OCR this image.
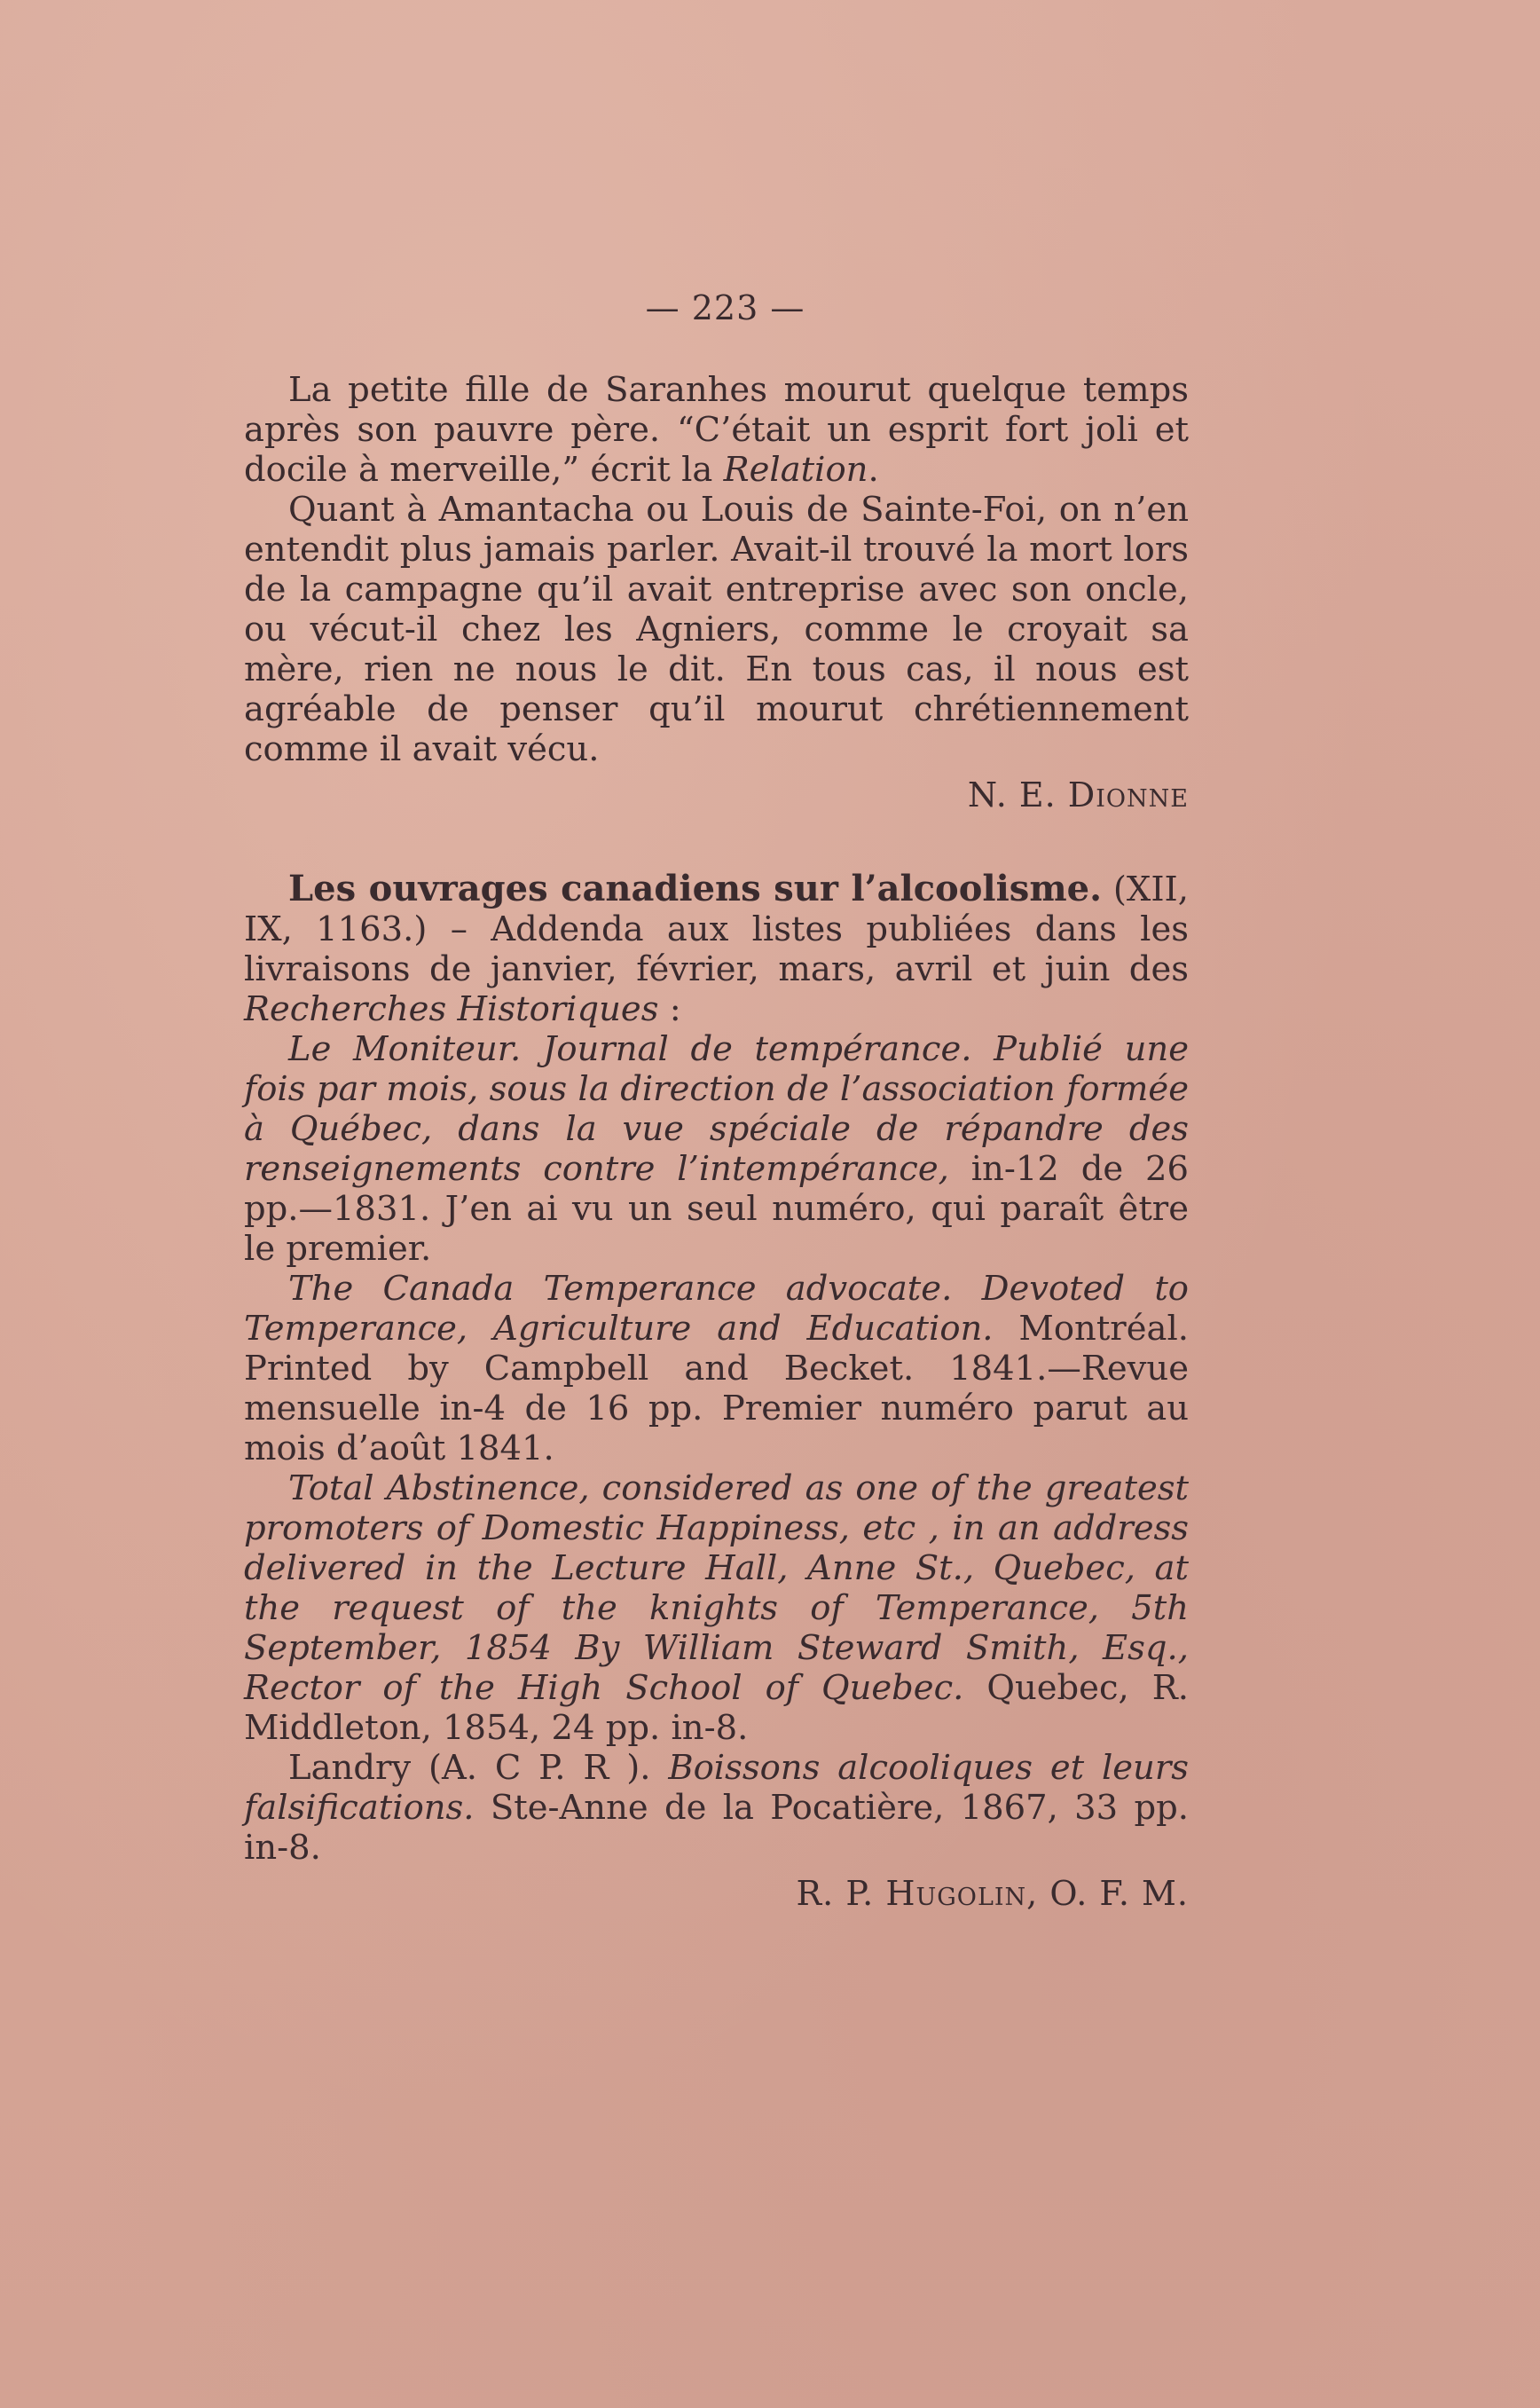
— 223 —

La petite fille de Saranhes mourut quelque temps après son pauvre père. “C’était un esprit fort joli et docile à merveille,” écrit la Relation.

Quant à Amantacha ou Louis de Sainte-Foi, on n’en entendit plus jamais parler. Avait-il trouvé la mort lors de la campagne qu’il avait entreprise avec son oncle, ou vécut-il chez les Agniers, comme le croyait sa mère, rien ne nous le dit. En tous cas, il nous est agréable de penser qu’il mourut chrétiennement comme il avait vécu.

N. E. Dionne

Les ouvrages canadiens sur l’alcoolisme. (XII, IX, 1163.) – Addenda aux listes publiées dans les livraisons de janvier, février, mars, avril et juin des Recherches Historiques :

Le Moniteur. Journal de tempérance. Publié une fois par mois, sous la direction de l’association formée à Québec, dans la vue spéciale de répandre des renseignements contre l’intempérance, in-12 de 26 pp.—1831. J’en ai vu un seul numéro, qui paraît être le premier.

The Canada Temperance advocate. Devoted to Temperance, Agriculture and Education. Montréal. Printed by Campbell and Becket. 1841.—Revue mensuelle in-4 de 16 pp. Premier numéro parut au mois d’août 1841.

Total Abstinence, considered as one of the greatest promoters of Domestic Happiness, etc , in an address delivered in the Lecture Hall, Anne St., Quebec, at the request of the knights of Temperance, 5th September, 1854 By William Steward Smith, Esq., Rector of the High School of Quebec. Quebec, R. Middleton, 1854, 24 pp. in-8.

Landry (A. C P. R ). Boissons alcooliques et leurs falsifications. Ste-Anne de la Pocatière, 1867, 33 pp. in-8.

R. P. Hugolin, O. F. M.
